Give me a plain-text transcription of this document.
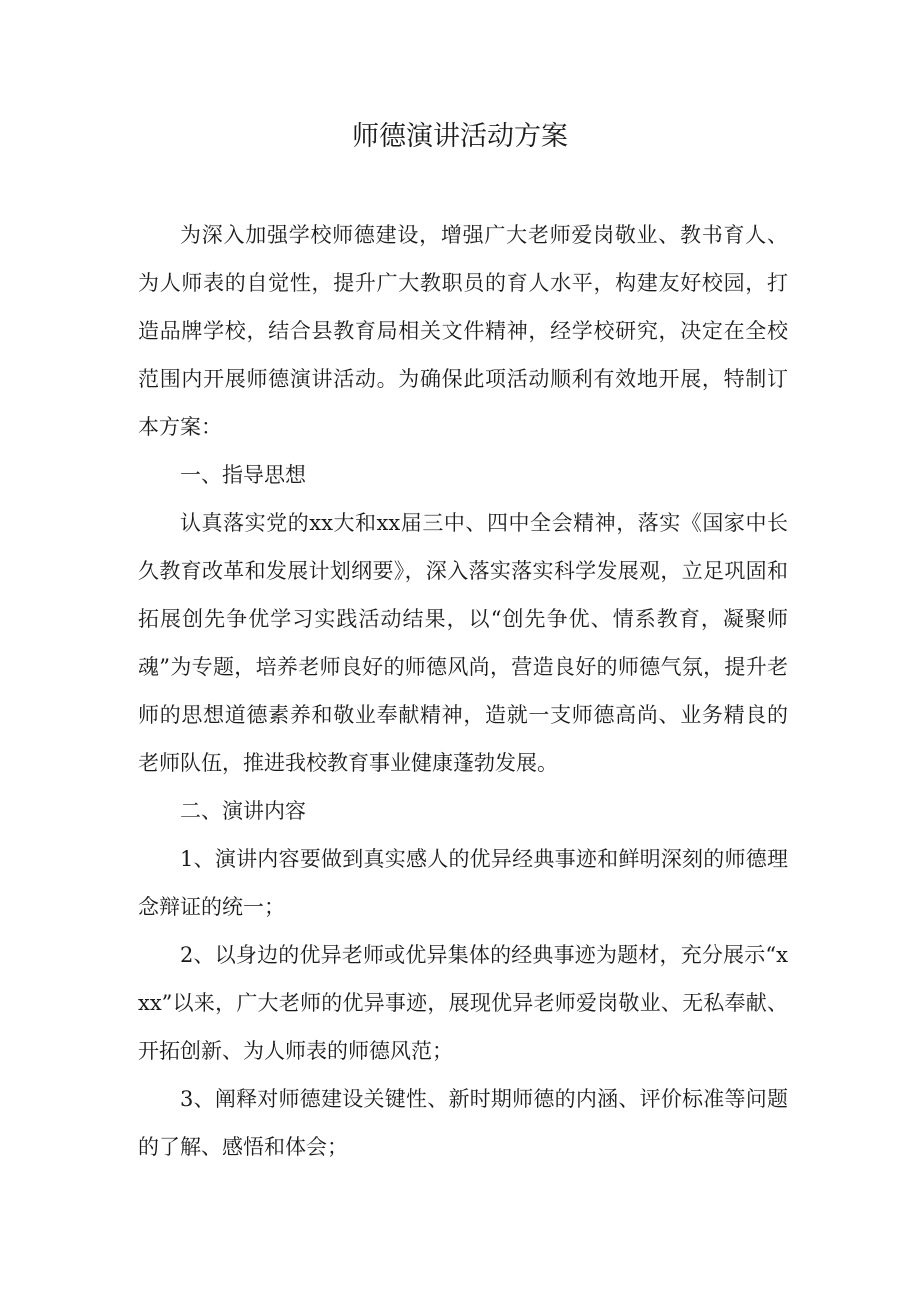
师德演讲活动方案

为深入加强学校师德建设，增强广大老师爱岗敬业、教书育人、为人师表的自觉性，提升广大教职员的育人水平，构建友好校园，打造品牌学校，结合县教育局相关文件精神，经学校研究，决定在全校范围内开展师德演讲活动。为确保此项活动顺利有效地开展，特制订本方案：

一、指导思想

认真落实党的xx大和xx届三中、四中全会精神，落实《国家中长久教育改革和发展计划纲要》，深入落实落实科学发展观，立足巩固和拓展创先争优学习实践活动结果，以“创先争优、情系教育，凝聚师魂”为专题，培养老师良好的师德风尚，营造良好的师德气氛，提升老师的思想道德素养和敬业奉献精神，造就一支师德高尚、业务精良的老师队伍，推进我校教育事业健康蓬勃发展。

二、演讲内容

1、演讲内容要做到真实感人的优异经典事迹和鲜明深刻的师德理念辩证的统一；

2、以身边的优异老师或优异集体的经典事迹为题材，充分展示“xxx”以来，广大老师的优异事迹，展现优异老师爱岗敬业、无私奉献、开拓创新、为人师表的师德风范；

3、阐释对师德建设关键性、新时期师德的内涵、评价标准等问题的了解、感悟和体会；
